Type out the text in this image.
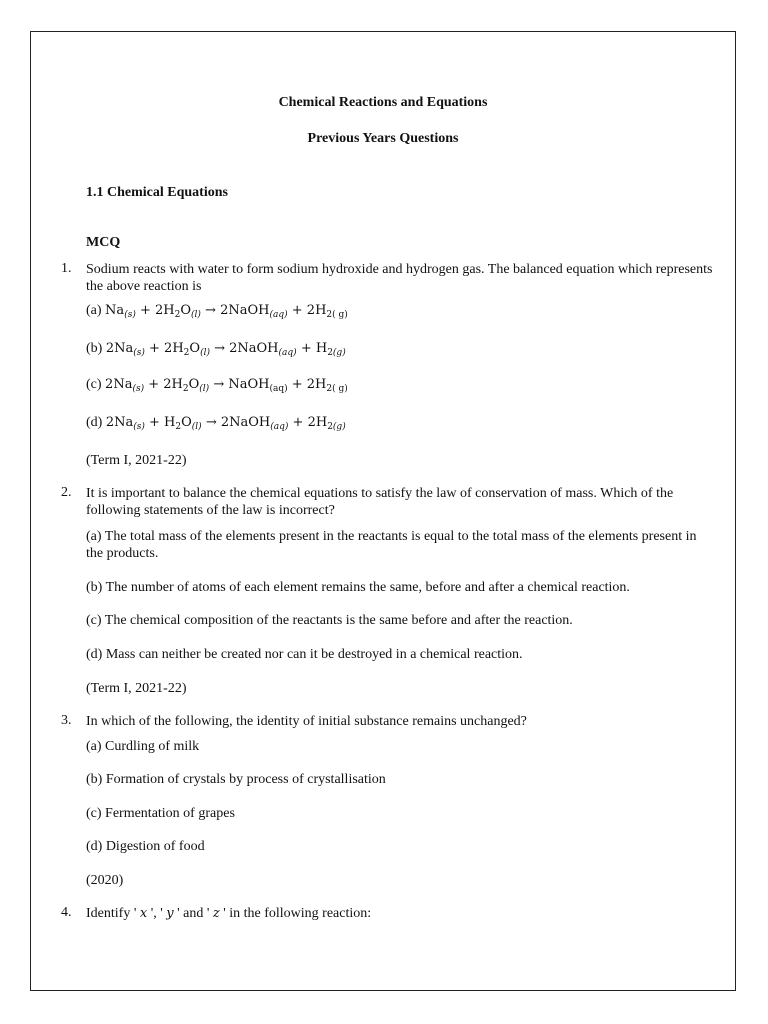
Chemical Reactions and Equations
Previous Years Questions
1.1 Chemical Equations
MCQ
1. Sodium reacts with water to form sodium hydroxide and hydrogen gas. The balanced equation which represents the above reaction is
(a) $Na_{(s)} + 2H_2O_{(l)}$ → 2NaOH$_{(aq)}$ + $2H_{2( g)}$
(b) $2Na_{(s)} + 2H_2O_{(l)}$ → 2NaOH$_{(aq)}$ + $H_{2(g)}$
(c) $2Na_{(s)} + 2H_2O_{(l)}$ → NaOH$_{(aq)}$ + $2H_{2( g)}$
(d) $2Na_{(s)} + H_2O_{(l)}$ → 2NaOH$_{(aq)}$ + $2H_{2(g)}$
(Term I, 2021-22)
2. It is important to balance the chemical equations to satisfy the law of conservation of mass. Which of the following statements of the law is incorrect?
(a) The total mass of the elements present in the reactants is equal to the total mass of the elements present in the products.
(b) The number of atoms of each element remains the same, before and after a chemical reaction.
(c) The chemical composition of the reactants is the same before and after the reaction.
(d) Mass can neither be created nor can it be destroyed in a chemical reaction.
(Term I, 2021-22)
3. In which of the following, the identity of initial substance remains unchanged?
(a) Curdling of milk
(b) Formation of crystals by process of crystallisation
(c) Fermentation of grapes
(d) Digestion of food
(2020)
4. Identify ' x ', ' y ' and ' z ' in the following reaction:
